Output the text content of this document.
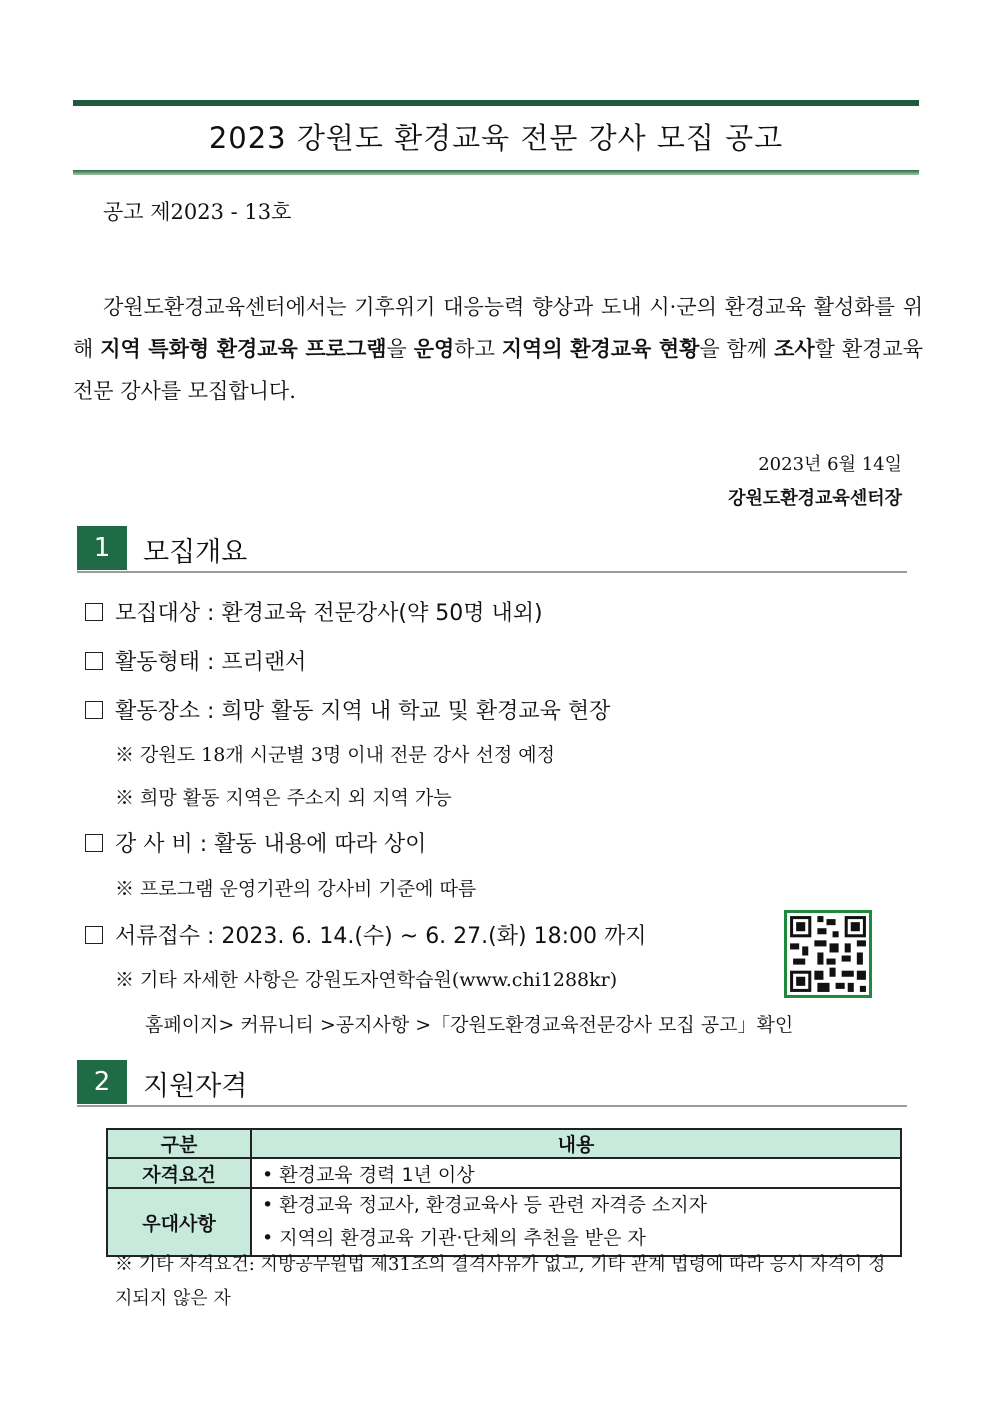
2023 강원도 환경교육 전문 강사 모집 공고
공고 제2023 - 13호
강원도환경교육센터에서는 기후위기 대응능력 향상과 도내 시·군의 환경교육 활성화를 위해 지역 특화형 환경교육 프로그램을 운영하고 지역의 환경교육 현황을 함께 조사할 환경교육 전문 강사를 모집합니다.
2023년 6월 14일
강원도환경교육센터장
1	모집개요
모집대상 : 환경교육 전문강사(약 50명 내외)
활동형태 : 프리랜서
활동장소 : 희망 활동 지역 내 학교 및 환경교육 현장
※ 강원도 18개 시군별 3명 이내 전문 강사 선정 예정
※ 희망 활동 지역은 주소지 외 지역 가능
강 사 비 : 활동 내용에 따라 상이
※ 프로그램 운영기관의 강사비 기준에 따름
서류접수 : 2023. 6. 14.(수) ~ 6. 27.(화) 18:00 까지
※ 기타 자세한 사항은 강원도자연학습원(www.chi1288kr)
홈페이지> 커뮤니티 >공지사항 >「강원도환경교육전문강사 모집 공고」확인
2	지원자격
구분	내용
자격요건	• 환경교육 경력 1년 이상
우대사항	• 환경교육 정교사, 환경교육사 등 관련 자격증 소지자
• 지역의 환경교육 기관·단체의 추천을 받은 자
※ 기타 자격요건: 지방공무원법 제31조의 결격사유가 없고, 기타 관계 법령에 따라 응시 자격이 정지되지 않은 자
